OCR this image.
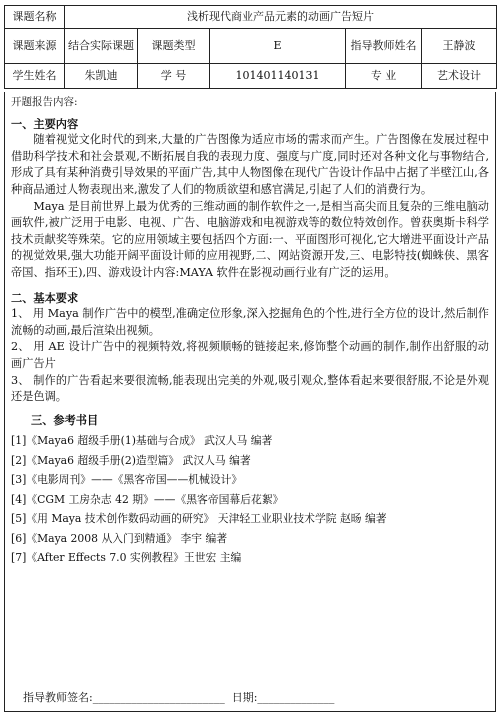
课题名称	浅析现代商业产品元素的动画广告短片				
课题来源	结合实际课题	课题类型	E	指导教师姓名	王静波
学生姓名	朱凯迪	学 号	101401140131	专 业	艺术设计
开题报告内容:
一、主要内容

随着视觉文化时代的到来,大量的广告图像为适应市场的需求而产生。广告图像在发展过程中借助科学技术和社会景观,不断拓展自我的表现力度、强度与广度,同时还对各种文化与事物结合,形成了具有某种消费引导效果的平面广告,其中人物图像在现代广告设计作品中占据了半壁江山,各种商品通过人物表现出来,激发了人们的物质欲望和感官满足,引起了人们的消费行为。

Maya 是目前世界上最为优秀的三维动画的制作软件之一,是相当高尖而且复杂的三维电脑动画软件,被广泛用于电影、电视、广告、电脑游戏和电视游戏等的数位特效创作。曾获奥斯卡科学技术贡献奖等殊荣。它的应用领域主要包括四个方面:一、平面图形可视化,它大增进平面设计产品的视觉效果,强大功能开阔平面设计师的应用视野,二、网站资源开发,三、电影特技(蜘蛛侠、黑客帝国、指环王),四、游戏设计内容:MAYA 软件在影视动画行业有广泛的运用。

二、基本要求

1、 用 Maya 制作广告中的模型,准确定位形象,深入挖掘角色的个性,进行全方位的设计,然后制作流畅的动画,最后渲染出视频。

2、 用 AE 设计广告中的视频特效,将视频顺畅的链接起来,修饰整个动画的制作,制作出舒服的动画广告片

3、 制作的广告看起来要很流畅,能表现出完美的外观,吸引观众,整体看起来要很舒服,不论是外观还是色调。

三、参考书目
[1]《Maya6 超级手册(1)基础与合成》 武汉人马 编著
[2]《Maya6 超级手册(2)造型篇》 武汉人马 编著
[3]《电影周刊》——《黑客帝国——机械设计》
[4]《CGM 工房杂志 42 期》——《黑客帝国幕后花絮》
[5]《用 Maya 技术创作数码动画的研究》 天津轻工业职业技术学院 赵旸 编著
[6]《Maya 2008 从入门到精通》 李宇 编著
[7]《After Effects 7.0 实例教程》王世宏 主编
指导教师签名:________________________  日期:______________
